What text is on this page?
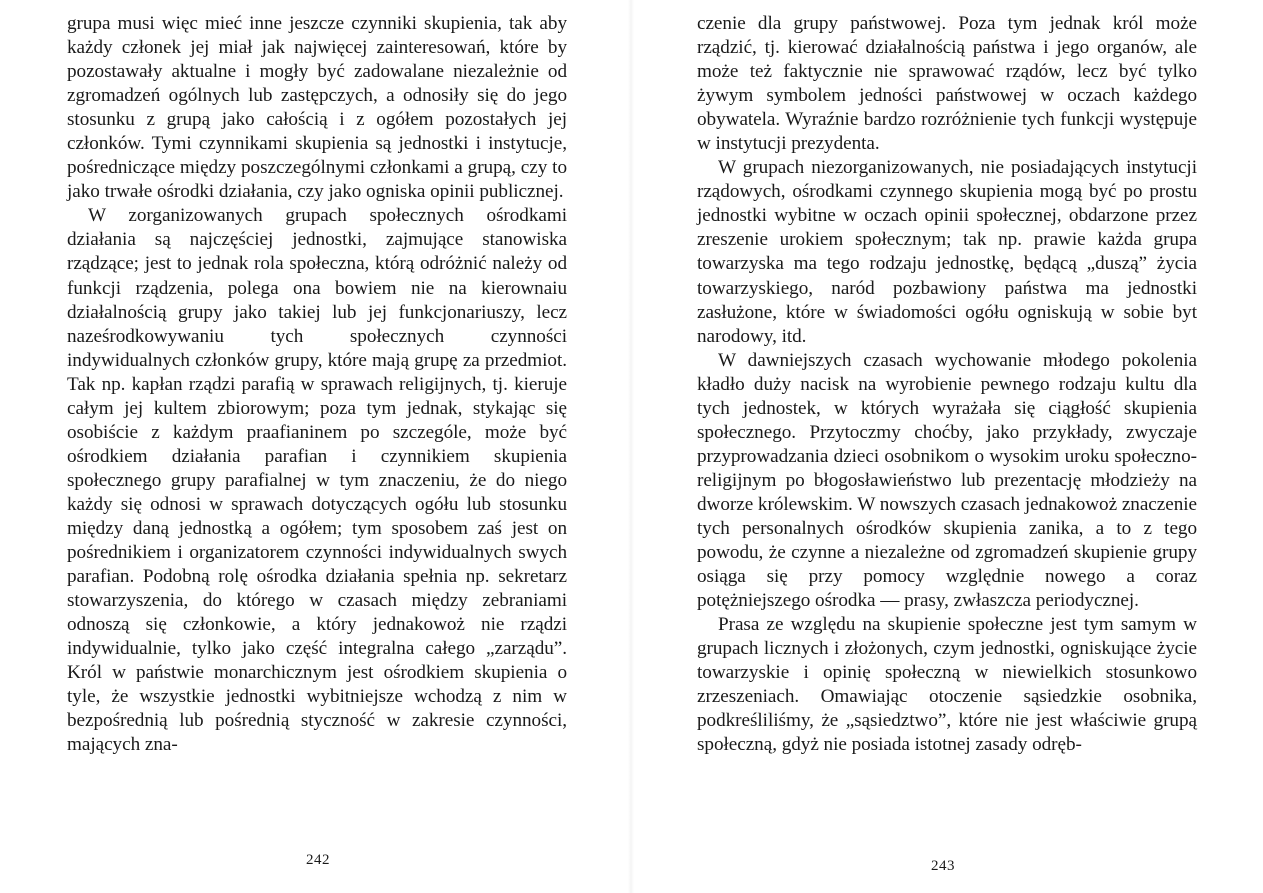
grupa musi więc mieć inne jeszcze czynniki skupienia, tak aby każdy członek jej miał jak najwięcej zainteresowań, które by pozostawały aktualne i mogły być zadowalane niezależnie od zgromadzeń ogólnych lub zastępczych, a odnosiły się do jego stosunku z grupą jako całością i z ogółem pozostałych jej członków. Tymi czynnikami skupienia są jednostki i instytucje, pośredniczące między poszczególnymi członkami a grupą, czy to jako trwałe ośrodki działania, czy jako ogniska opinii publicznej.

W zorganizowanych grupach społecznych ośrodkami działania są najczęściej jednostki, zajmujące stanowiska rządzące; jest to jednak rola społeczna, którą odróżnić należy od funkcji rządzenia, polega ona bowiem nie na kierownaiu działalnością grupy jako takiej lub jej funkcjonariuszy, lecz naześrodkowywaniu tych społecznych czynności indywidualnych członków grupy, które mają grupę za przedmiot. Tak np. kapłan rządzi parafią w sprawach religijnych, tj. kieruje całym jej kultem zbiorowym; poza tym jednak, stykając się osobiście z każdym praafianinem po szczególe, może być ośrodkiem działania parafian i czynnikiem skupienia społecznego grupy parafialnej w tym znaczeniu, że do niego każdy się odnosi w sprawach dotyczących ogółu lub stosunku między daną jednostką a ogółem; tym sposobem zaś jest on pośrednikiem i organizatorem czynności indywidualnych swych parafian. Podobną rolę ośrodka działania spełnia np. sekretarz stowarzyszenia, do którego w czasach między zebraniami odnoszą się członkowie, a który jednakowoż nie rządzi indywidualnie, tylko jako część integralna całego „zarządu”. Król w państwie monarchicznym jest ośrodkiem skupienia o tyle, że wszystkie jednostki wybitniejsze wchodzą z nim w bezpośrednią lub pośrednią styczność w zakresie czynności, mających zna-

242

czenie dla grupy państwowej. Poza tym jednak król może rządzić, tj. kierować działalnością państwa i jego organów, ale może też faktycznie nie sprawować rządów, lecz być tylko żywym symbolem jedności państwowej w oczach każdego obywatela. Wyraźnie bardzo rozróżnienie tych funkcji występuje w instytucji prezydenta.

W grupach niezorganizowanych, nie posiadających instytucji rządowych, ośrodkami czynnego skupienia mogą być po prostu jednostki wybitne w oczach opinii społecznej, obdarzone przez zreszenie urokiem społecznym; tak np. prawie każda grupa towarzyska ma tego rodzaju jednostkę, będącą „duszą” życia towarzyskiego, naród pozbawiony państwa ma jednostki zasłużone, które w świadomości ogółu ogniskują w sobie byt narodowy, itd.

W dawniejszych czasach wychowanie młodego pokolenia kładło duży nacisk na wyrobienie pewnego rodzaju kultu dla tych jednostek, w których wyrażała się ciągłość skupienia społecznego. Przytoczmy choćby, jako przykłady, zwyczaje przyprowadzania dzieci osobnikom o wysokim uroku społeczno-religijnym po błogosławieństwo lub prezentację młodzieży na dworze królewskim. W nowszych czasach jednakowoż znaczenie tych personalnych ośrodków skupienia zanika, a to z tego powodu, że czynne a niezależne od zgromadzeń skupienie grupy osiąga się przy pomocy względnie nowego a coraz potężniejszego ośrodka — prasy, zwłaszcza periodycznej.

Prasa ze względu na skupienie społeczne jest tym samym w grupach licznych i złożonych, czym jednostki, ogniskujące życie towarzyskie i opinię społeczną w niewielkich stosunkowo zrzeszeniach. Omawiając otoczenie sąsiedzkie osobnika, podkreśliliśmy, że „sąsiedztwo”, które nie jest właściwie grupą społeczną, gdyż nie posiada istotnej zasady odręb-

243
